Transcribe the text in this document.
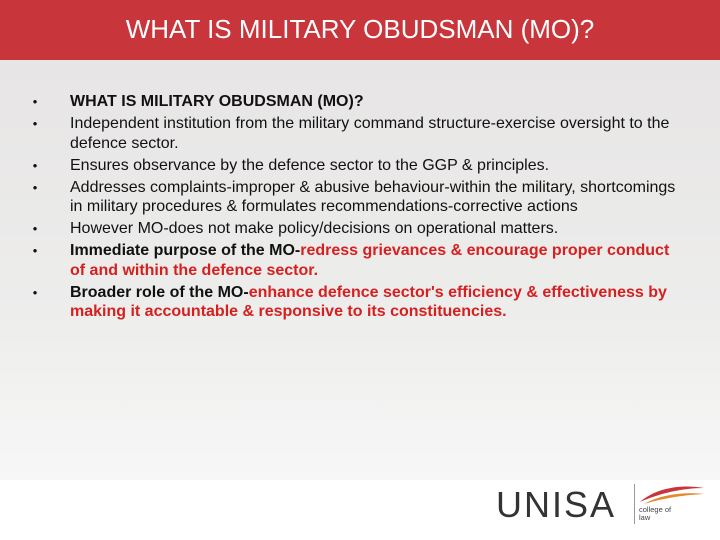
WHAT IS MILITARY OBUDSMAN (MO)?
• WHAT IS MILITARY OBUDSMAN (MO)?
• Independent institution from the military command structure-exercise oversight to the defence sector.
• Ensures observance by the defence sector to the GGP & principles.
• Addresses complaints-improper & abusive behaviour-within the military, shortcomings in military procedures & formulates recommendations-corrective actions
• However MO-does not make policy/decisions on operational matters.
• Immediate purpose of the MO-redress grievances & encourage proper conduct of and within the defence sector.
• Broader role of the MO-enhance defence sector's efficiency & effectiveness by making it accountable & responsive to its constituencies.
UNISA	college of law
